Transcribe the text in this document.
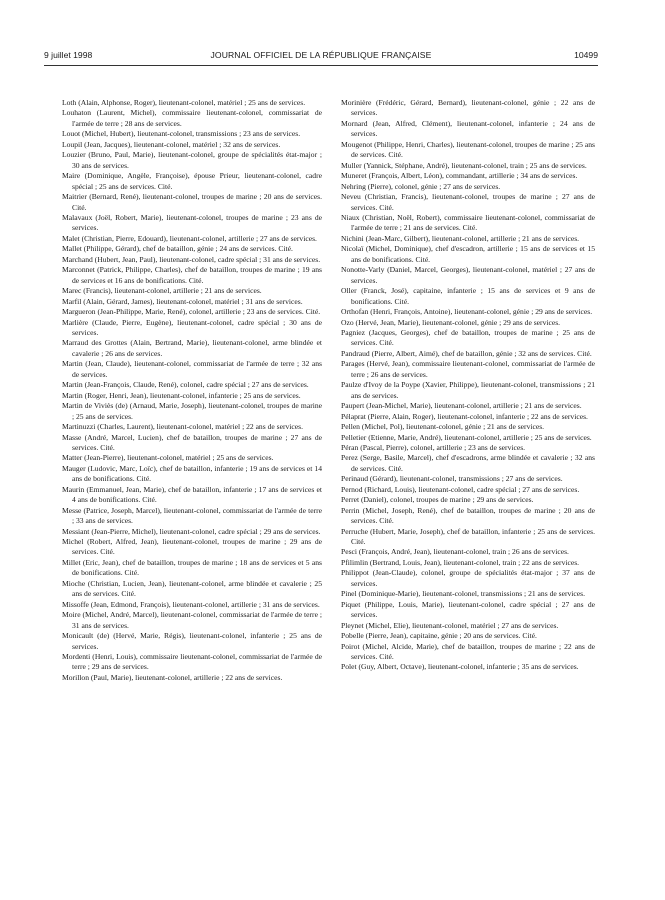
9 juillet 1998	JOURNAL OFFICIEL DE LA RÉPUBLIQUE FRANÇAISE	10499

Loth (Alain, Alphonse, Roger), lieutenant-colonel, matériel ; 25 ans de services.

Louhaton (Laurent, Michel), commissaire lieutenant-colonel, commissariat de l'armée de terre ; 28 ans de services.

Louot (Michel, Hubert), lieutenant-colonel, transmissions ; 23 ans de services.

Loupil (Jean, Jacques), lieutenant-colonel, matériel ; 32 ans de services.

Louzier (Bruno, Paul, Marie), lieutenant-colonel, groupe de spécialités état-major ; 30 ans de services.

Maire (Dominique, Angèle, Françoise), épouse Prieur, lieutenant-colonel, cadre spécial ; 25 ans de services. Cité.

Maitrier (Bernard, René), lieutenant-colonel, troupes de marine ; 20 ans de services. Cité.

Malavaux (Joël, Robert, Marie), lieutenant-colonel, troupes de marine ; 23 ans de services.

Malet (Christian, Pierre, Edouard), lieutenant-colonel, artillerie ; 27 ans de services.

Mallet (Philippe, Gérard), chef de bataillon, génie ; 24 ans de services. Cité.

Marchand (Hubert, Jean, Paul), lieutenant-colonel, cadre spécial ; 31 ans de services.

Marconnet (Patrick, Philippe, Charles), chef de bataillon, troupes de marine ; 19 ans de services et 16 ans de bonifications. Cité.

Marec (Francis), lieutenant-colonel, artillerie ; 21 ans de services.

Marfil (Alain, Gérard, James), lieutenant-colonel, matériel ; 31 ans de services.

Margueron (Jean-Philippe, Marie, René), colonel, artillerie ; 23 ans de services. Cité.

Marlière (Claude, Pierre, Eugène), lieutenant-colonel, cadre spécial ; 30 ans de services.

Marraud des Grottes (Alain, Bertrand, Marie), lieutenant-colonel, arme blindée et cavalerie ; 26 ans de services.

Martin (Jean, Claude), lieutenant-colonel, commissariat de l'armée de terre ; 32 ans de services.

Martin (Jean-François, Claude, René), colonel, cadre spécial ; 27 ans de services.

Martin (Roger, Henri, Jean), lieutenant-colonel, infanterie ; 25 ans de services.

Martin de Viviès (de) (Arnaud, Marie, Joseph), lieutenant-colonel, troupes de marine ; 25 ans de services.

Martinuzzi (Charles, Laurent), lieutenant-colonel, matériel ; 22 ans de services.

Masse (André, Marcel, Lucien), chef de bataillon, troupes de marine ; 27 ans de services. Cité.

Matter (Jean-Pierre), lieutenant-colonel, matériel ; 25 ans de services.

Mauger (Ludovic, Marc, Loïc), chef de bataillon, infanterie ; 19 ans de services et 14 ans de bonifications. Cité.

Maurin (Emmanuel, Jean, Marie), chef de bataillon, infanterie ; 17 ans de services et 4 ans de bonifications. Cité.

Messe (Patrice, Joseph, Marcel), lieutenant-colonel, commissariat de l'armée de terre ; 33 ans de services.

Messiant (Jean-Pierre, Michel), lieutenant-colonel, cadre spécial ; 29 ans de services.

Michel (Robert, Alfred, Jean), lieutenant-colonel, troupes de marine ; 29 ans de services. Cité.

Millet (Eric, Jean), chef de bataillon, troupes de marine ; 18 ans de services et 5 ans de bonifications. Cité.

Mioche (Christian, Lucien, Jean), lieutenant-colonel, arme blindée et cavalerie ; 25 ans de services. Cité.

Missoffe (Jean, Edmond, François), lieutenant-colonel, artillerie ; 31 ans de services.

Moire (Michel, André, Marcel), lieutenant-colonel, commissariat de l'armée de terre ; 31 ans de services.

Monicault (de) (Hervé, Marie, Régis), lieutenant-colonel, infanterie ; 25 ans de services.

Mordenti (Henri, Louis), commissaire lieutenant-colonel, commissariat de l'armée de terre ; 29 ans de services.

Morillon (Paul, Marie), lieutenant-colonel, artillerie ; 22 ans de services.

Morinière (Frédéric, Gérard, Bernard), lieutenant-colonel, génie ; 22 ans de services.

Mornard (Jean, Alfred, Clément), lieutenant-colonel, infanterie ; 24 ans de services.

Mougenot (Philippe, Henri, Charles), lieutenant-colonel, troupes de marine ; 25 ans de services. Cité.

Muller (Yannick, Stéphane, André), lieutenant-colonel, train ; 25 ans de services.

Muneret (François, Albert, Léon), commandant, artillerie ; 34 ans de services.

Nehring (Pierre), colonel, génie ; 27 ans de services.

Neveu (Christian, Francis), lieutenant-colonel, troupes de marine ; 27 ans de services. Cité.

Niaux (Christian, Noël, Robert), commissaire lieutenant-colonel, commissariat de l'armée de terre ; 21 ans de services. Cité.

Nichini (Jean-Marc, Gilbert), lieutenant-colonel, artillerie ; 21 ans de services.

Nicolaï (Michel, Dominique), chef d'escadron, artillerie ; 15 ans de services et 15 ans de bonifications. Cité.

Nonotte-Varly (Daniel, Marcel, Georges), lieutenant-colonel, matériel ; 27 ans de services.

Oller (Franck, José), capitaine, infanterie ; 15 ans de services et 9 ans de bonifications. Cité.

Orthofan (Henri, François, Antoine), lieutenant-colonel, génie ; 29 ans de services.

Ozo (Hervé, Jean, Marie), lieutenant-colonel, génie ; 29 ans de services.

Pagniez (Jacques, Georges), chef de bataillon, troupes de marine ; 25 ans de services. Cité.

Pandraud (Pierre, Albert, Aimé), chef de bataillon, génie ; 32 ans de services. Cité.

Parages (Hervé, Jean), commissaire lieutenant-colonel, commissariat de l'armée de terre ; 26 ans de services.

Paulze d'Ivoy de la Poype (Xavier, Philippe), lieutenant-colonel, transmissions ; 21 ans de services.

Paupert (Jean-Michel, Marie), lieutenant-colonel, artillerie ; 21 ans de services.

Pélaprat (Pierre, Alain, Roger), lieutenant-colonel, infanterie ; 22 ans de services.

Pellen (Michel, Pol), lieutenant-colonel, génie ; 21 ans de services.

Pelletier (Etienne, Marie, André), lieutenant-colonel, artillerie ; 25 ans de services.

Péran (Pascal, Pierre), colonel, artillerie ; 23 ans de services.

Perez (Serge, Basile, Marcel), chef d'escadrons, arme blindée et cavalerie ; 32 ans de services. Cité.

Perinaud (Gérard), lieutenant-colonel, transmissions ; 27 ans de services.

Pernod (Richard, Louis), lieutenant-colonel, cadre spécial ; 27 ans de services.

Perret (Daniel), colonel, troupes de marine ; 29 ans de services.

Perrin (Michel, Joseph, René), chef de bataillon, troupes de marine ; 20 ans de services. Cité.

Perruche (Hubert, Marie, Joseph), chef de bataillon, infanterie ; 25 ans de services. Cité.

Pesci (François, André, Jean), lieutenant-colonel, train ; 26 ans de services.

Pfilimlin (Bertrand, Louis, Jean), lieutenant-colonel, train ; 22 ans de services.

Philippot (Jean-Claude), colonel, groupe de spécialités état-major ; 37 ans de services.

Pinel (Dominique-Marie), lieutenant-colonel, transmissions ; 21 ans de services.

Piquet (Philippe, Louis, Marie), lieutenant-colonel, cadre spécial ; 27 ans de services.

Pleynet (Michel, Elie), lieutenant-colonel, matériel ; 27 ans de services.

Pobelle (Pierre, Jean), capitaine, génie ; 20 ans de services. Cité.

Poirot (Michel, Alcide, Marie), chef de bataillon, troupes de marine ; 22 ans de services. Cité.

Polet (Guy, Albert, Octave), lieutenant-colonel, infanterie ; 35 ans de services.
